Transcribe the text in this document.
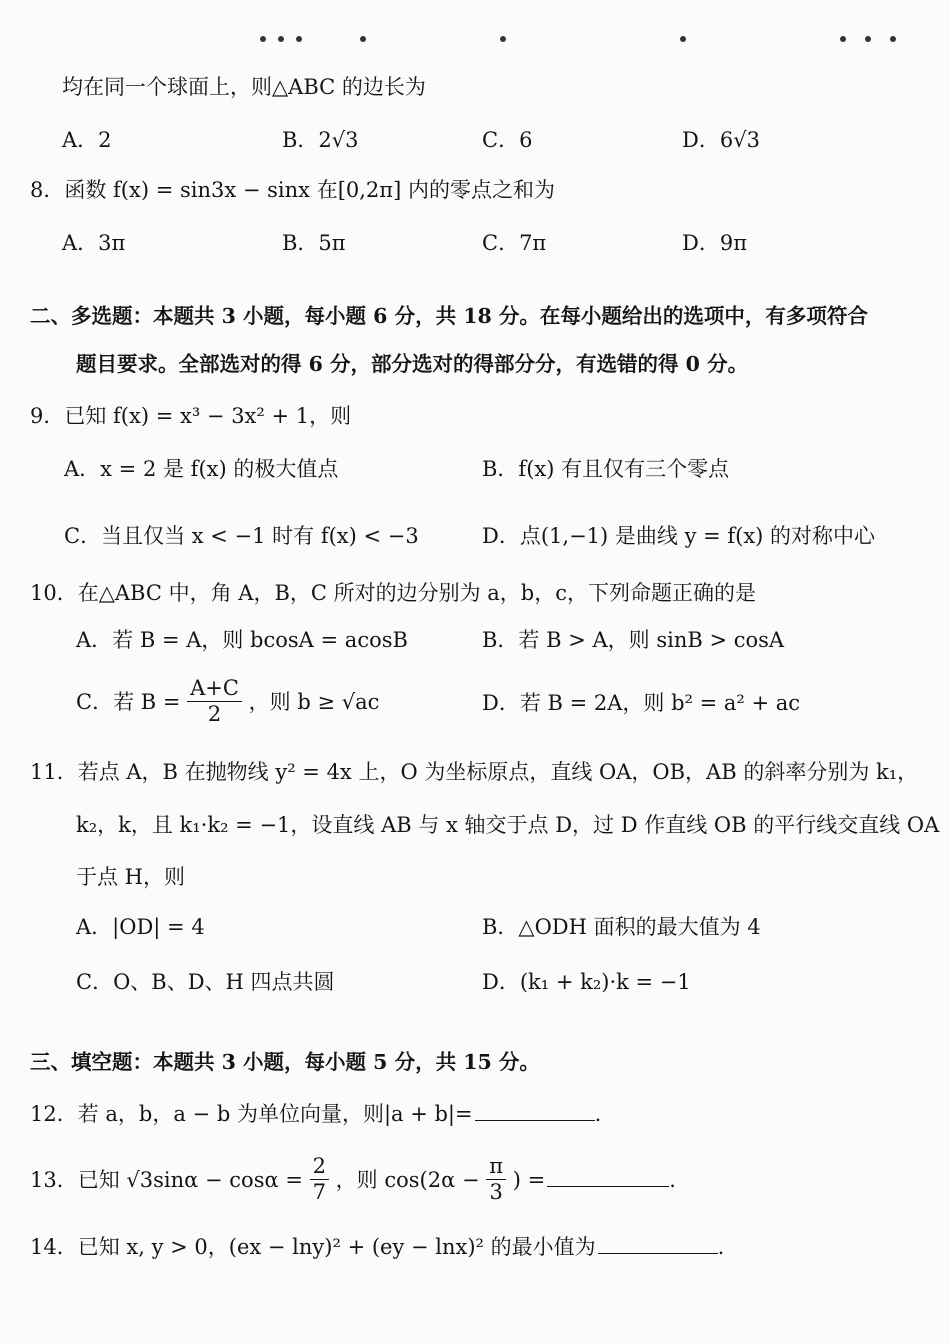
均在同一个球面上，则△ABC 的边长为
A．2	B．2√3	C．6	D．6√3
8．函数 f(x) = sin3x − sinx 在[0,2π] 内的零点之和为
A．3π	B．5π	C．7π	D．9π
二、多选题：本题共 3 小题，每小题 6 分，共 18 分。在每小题给出的选项中，有多项符合
题目要求。全部选对的得 6 分，部分选对的得部分分，有选错的得 0 分。
9．已知 f(x) = x³ − 3x² + 1，则
A．x = 2 是 f(x) 的极大值点	B．f(x) 有且仅有三个零点
C．当且仅当 x < −1 时有 f(x) < −3	D．点(1,−1) 是曲线 y = f(x) 的对称中心
10．在△ABC 中，角 A，B，C 所对的边分别为 a，b，c，下列命题正确的是
A．若 B = A，则 bcosA = acosB	B．若 B > A，则 sinB > cosA
C．若 $B = \frac{A+C}{2}$ ，则 b ≥ √ac	D．若 B = 2A，则 b² = a² + ac
11．若点 A，B 在抛物线 y² = 4x 上，O 为坐标原点，直线 OA，OB，AB 的斜率分别为 k₁，
k₂，k，且 k₁·k₂ = −1，设直线 AB 与 x 轴交于点 D，过 D 作直线 OB 的平行线交直线 OA
于点 H，则
A．|OD| = 4	B．△ODH 面积的最大值为 4
C．O、B、D、H 四点共圆	D．(k₁ + k₂)·k = −1
三、填空题：本题共 3 小题，每小题 5 分，共 15 分。
12．若 a，b，a − b 为单位向量，则|a + b|=	.
13．已知 $√3\sin\alpha - \cos\alpha = \frac{2}{7}$ ，则 $\cos(2\alpha - \frac{\pi}{3}$ ) =	.
14．已知 x, y > 0，(ex − lny)² + (ey − lnx)² 的最小值为	.
